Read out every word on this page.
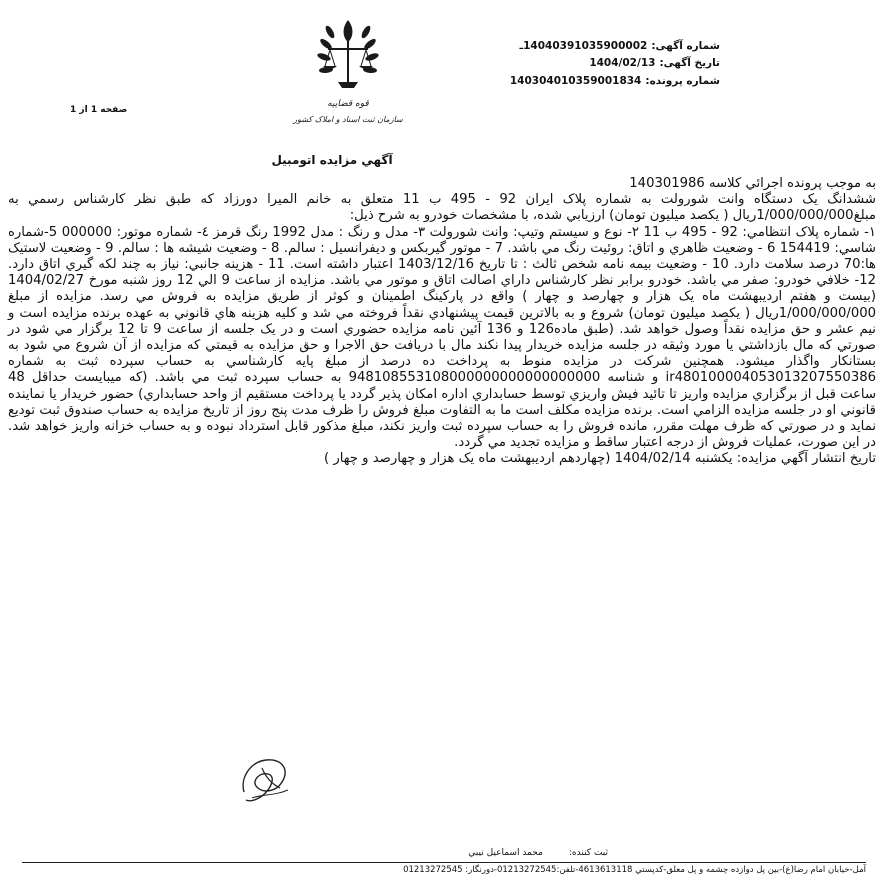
شماره آگهی:14040391035900002ـ
تاریخ آگهی:1404/02/13
شماره پرونده:140304010359001834
صفحه 1 از 1
قوه قضاییه
سازمان ثبت اسناد و املاک کشور
آگهي مزايده اتومبيل

به موجب پرونده اجرائي كلاسه 140301986

ششدانگ يک دستگاه وانت شورولت به شماره پلاک ايران 92 - 495 ب 11 متعلق به خانم المیرا دورزاد كه طبق نظر كارشناس رسمي به مبلغ1/000/000/000ريال ( يكصد ميليون تومان) ارزيابي شده، با مشخصات خودرو به شرح ذيل:

۱- شماره پلاک انتظامي: 92 - 495 ب 11 ۲- نوع و سيستم وتيپ: وانت شورولت ۳- مدل و رنگ : مدل 1992 رنگ قرمز ٤- شماره موتور: 000000 5-شماره شاسي: 154419 6 - وضعيت ظاهري و اتاق: روئيت رنگ مي باشد. 7 - موتور گيربكس و ديفرانسيل : سالم. 8 - وضعيت شيشه ها : سالم. 9 - وضعيت لاستيک ها:70 درصد سلامت دارد. 10 - وضعيت بيمه نامه شخص ثالث : تا تاريخ 1403/12/16 اعتبار داشته است. 11 - هزينه جانبي: نياز به چند لكه گيري اتاق دارد. 12- خلافي خودرو: صفر مي باشد. خودرو برابر نظر كارشناس داراي اصالت اتاق و موتور مي باشد. مزايده از ساعت 9 الي 12 روز شنبه مورخ 1404/02/27 (بيست و هفتم ارديبهشت ماه يک هزار و چهارصد و چهار ) واقع در پاركينگ اطمينان و كوثر از طريق مزايده به فروش مي رسد. مزايده از مبلغ 1/000/000/000ريال ( يكصد ميليون تومان) شروع و به بالاترين قيمت پيشنهادي نقداً فروخته مي شد و كليه هزينه هاي قانوني به عهده برنده مزايده است و نيم عشر و حق مزايده نقداً وصول خواهد شد. (طبق ماده126 و 136 آئين نامه مزايده حضوري است و در يک جلسه از ساعت 9 تا 12 برگزار مي شود در صورتي كه مال بازداشتي يا مورد وثيقه در جلسه مزايده خريدار پيدا نكند مال با دريافت حق الاجرا و حق مزايده به قيمتي كه مزايده از آن شروع مي شود به بستانكار واگذار ميشود. همچنين شركت در مزايده منوط به پرداخت ده درصد از مبلغ پايه كارشناسي به حساب سپرده ثبت به شماره ir480100004053013207550386 و شناسه 948108553108000000000000000000 به حساب سپرده ثبت مي باشد. (كه ميبايست حداقل 48 ساعت قبل از برگزاري مزايده واريز تا تائيد فيش واريزي توسط حسابداري اداره امكان پذير گردد يا پرداخت مستقيم از واحد حسابداري) حضور خريدار يا نماينده قانوني او در جلسه مزايده الزامي است. برنده مزايده مكلف است ما به التفاوت مبلغ فروش را ظرف مدت پنج روز از تاريخ مزايده به حساب صندوق ثبت توديع نمايد و در صورتي كه ظرف مهلت مقرر، مانده فروش را به حساب سپرده ثبت واريز نكند، مبلغ مذكور قابل استرداد نبوده و به حساب خزانه واريز خواهد شد. در اين صورت، عمليات فروش از درجه اعتبار ساقط و مزايده تجديد مي گردد.

تاريخ انتشار آگهي مزايده: يكشنبه 1404/02/14 (چهاردهم ارديبهشت ماه يک هزار و چهارصد و چهار )

ثبت كننده:محمد اسماعيل نيبي
آمل-خيابان امام رضا(ع)-بين پل دوازده چشمه و پل معلق-كدپستي 4613613118-تلفن:01213272545-دورنگار: 01213272545
